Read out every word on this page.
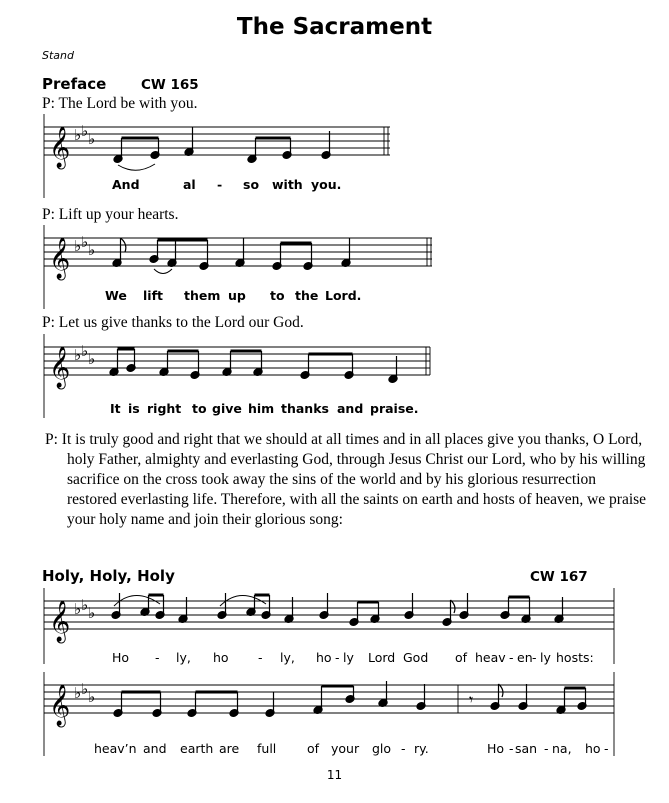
The Sacrament
Stand
Preface	CW 165
P: The Lord be with you.
𝄞 ♭ ♭ ♭
And	al - so with you.
P: Lift up your hearts.
𝄞 ♭ ♭ ♭
We lift them up to the Lord.
P: Let us give thanks to the Lord our God.
𝄞 ♭ ♭ ♭
It is right to give him thanks and praise.
P: It is truly good and right that we should at all times and in all places give you thanks, O Lord, holy Father, almighty and everlasting God, through Jesus Christ our Lord, who by his willing sacrifice on the cross took away the sins of the world and by his glorious resurrection restored everlasting life. Therefore, with all the saints on earth and hosts of heaven, we praise your holy name and join their glorious song:
Holy, Holy, Holy	CW 167
𝄞 ♭ ♭ ♭
Ho - ly, ho - ly, ho - ly Lord God of heav - en - ly hosts:
𝄞 ♭ ♭ ♭	𝄾
heav’n and earth are full of your glo - ry.	Ho - san - na, ho -
11
